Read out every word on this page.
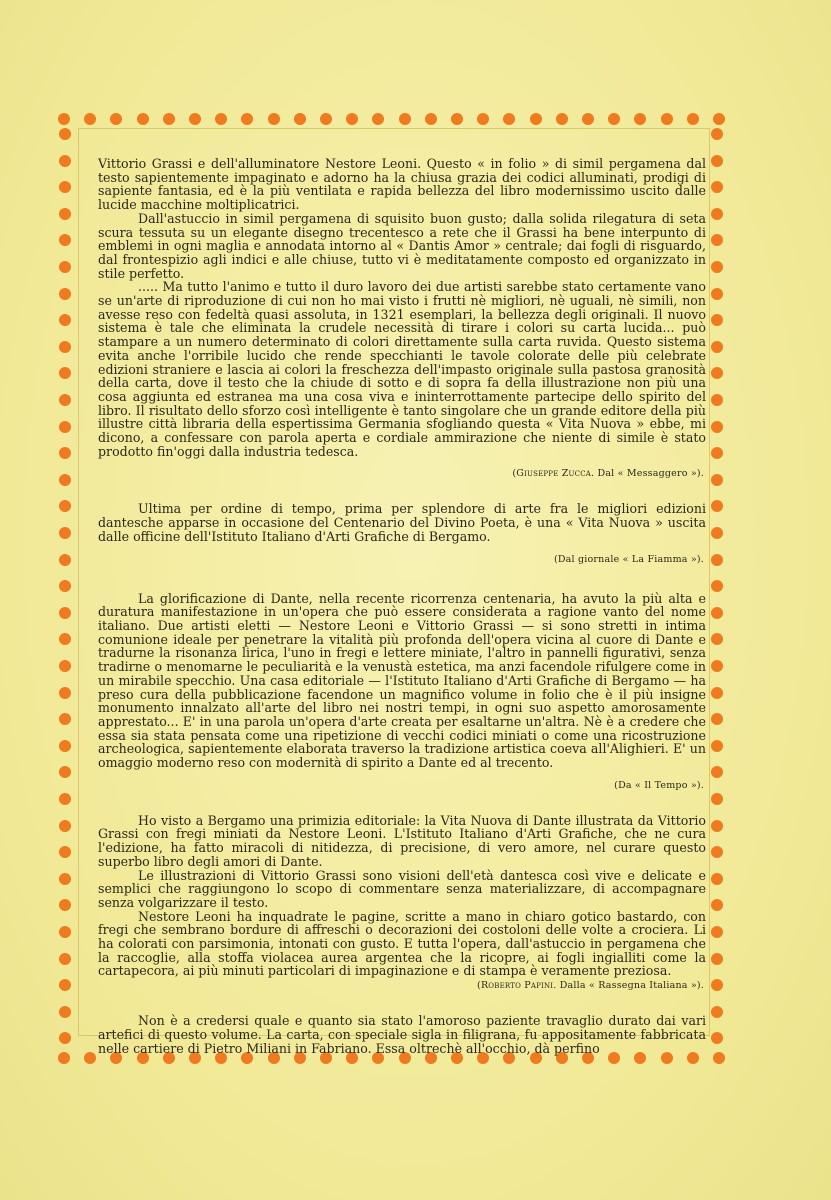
Vittorio Grassi e dell'alluminatore Nestore Leoni. Questo « in folio » di simil pergamena dal testo sapientemente impaginato e adorno ha la chiusa grazia dei codici alluminati, prodigi di sapiente fantasia, ed è la più ventilata e rapida bellezza del libro modernissimo uscito dalle lucide macchine moltiplicatrici.

Dall'astuccio in simil pergamena di squisito buon gusto; dalla solida rilegatura di seta scura tessuta su un elegante disegno trecentesco a rete che il Grassi ha bene interpunto di emblemi in ogni maglia e annodata intorno al « Dantis Amor » centrale; dai fogli di risguardo, dal frontespizio agli indici e alle chiuse, tutto vi è meditatamente composto ed organizzato in stile perfetto.

..... Ma tutto l'animo e tutto il duro lavoro dei due artisti sarebbe stato certamente vano se un'arte di riproduzione di cui non ho mai visto i frutti nè migliori, nè uguali, nè simili, non avesse reso con fedeltà quasi assoluta, in 1321 esemplari, la bellezza degli originali. Il nuovo sistema è tale che eliminata la crudele necessità di tirare i colori su carta lucida... può stampare a un numero determinato di colori direttamente sulla carta ruvida. Questo sistema evita anche l'orribile lucido che rende specchianti le tavole colorate delle più celebrate edizioni straniere e lascia ai colori la freschezza dell'impasto originale sulla pastosa granosità della carta, dove il testo che la chiude di sotto e di sopra fa della illustrazione non più una cosa aggiunta ed estranea ma una cosa viva e ininterrottamente partecipe dello spirito del libro. Il risultato dello sforzo così intelligente è tanto singolare che un grande editore della più illustre città libraria della espertissima Germania sfogliando questa « Vita Nuova » ebbe, mi dicono, a confessare con parola aperta e cordiale ammirazione che niente di simile è stato prodotto fin'oggi dalla industria tedesca.

(Giuseppe Zucca. Dal « Messaggero »).

Ultima per ordine di tempo, prima per splendore di arte fra le migliori edizioni dantesche apparse in occasione del Centenario del Divino Poeta, è una « Vita Nuova » uscita dalle officine dell'Istituto Italiano d'Arti Grafiche di Bergamo.

(Dal giornale « La Fiamma »).

La glorificazione di Dante, nella recente ricorrenza centenaria, ha avuto la più alta e duratura manifestazione in un'opera che può essere considerata a ragione vanto del nome italiano. Due artisti eletti — Nestore Leoni e Vittorio Grassi — si sono stretti in intima comunione ideale per penetrare la vitalità più profonda dell'opera vicina al cuore di Dante e tradurne la risonanza lirica, l'uno in fregi e lettere miniate, l'altro in pannelli figurativi, senza tradirne o menomarne le peculiarità e la venustà estetica, ma anzi facendole rifulgere come in un mirabile specchio. Una casa editoriale — l'Istituto Italiano d'Arti Grafiche di Bergamo — ha preso cura della pubblicazione facendone un magnifico volume in folio che è il più insigne monumento innalzato all'arte del libro nei nostri tempi, in ogni suo aspetto amorosamente apprestato... E' in una parola un'opera d'arte creata per esaltarne un'altra. Nè è a credere che essa sia stata pensata come una ripetizione di vecchi codici miniati o come una ricostruzione archeologica, sapientemente elaborata traverso la tradizione artistica coeva all'Alighieri. E' un omaggio moderno reso con modernità di spirito a Dante ed al trecento.

(Da « Il Tempo »).

Ho visto a Bergamo una primizia editoriale: la Vita Nuova di Dante illustrata da Vittorio Grassi con fregi miniati da Nestore Leoni. L'Istituto Italiano d'Arti Grafiche, che ne cura l'edizione, ha fatto miracoli di nitidezza, di precisione, di vero amore, nel curare questo superbo libro degli amori di Dante.

Le illustrazioni di Vittorio Grassi sono visioni dell'età dantesca così vive e delicate e semplici che raggiungono lo scopo di commentare senza materializzare, di accompagnare senza volgarizzare il testo.

Nestore Leoni ha inquadrate le pagine, scritte a mano in chiaro gotico bastardo, con fregi che sembrano bordure di affreschi o decorazioni dei costoloni delle volte a crociera. Li ha colorati con parsimonia, intonati con gusto. E tutta l'opera, dall'astuccio in pergamena che la raccoglie, alla stoffa violacea aurea argentea che la ricopre, ai fogli ingialliti come la cartapecora, ai più minuti particolari di impaginazione e di stampa è veramente preziosa.

(Roberto Papini. Dalla « Rassegna Italiana »).

Non è a credersi quale e quanto sia stato l'amoroso paziente travaglio durato dai vari artefici di questo volume. La carta, con speciale sigla in filigrana, fu appositamente fabbricata nelle cartiere di Pietro Miliani in Fabriano. Essa oltrechè all'occhio, dà perfino
